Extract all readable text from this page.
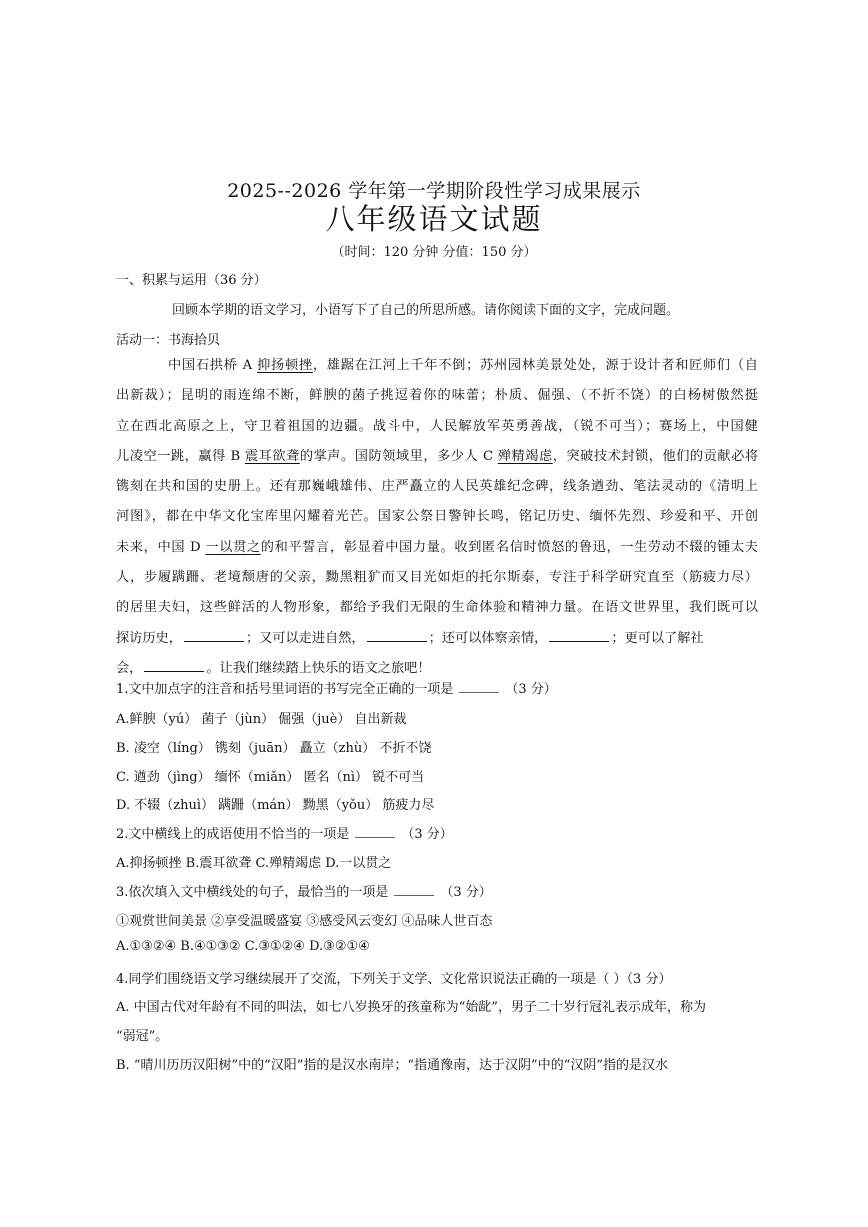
2025--2026 学年第一学期阶段性学习成果展示
八年级语文试题
（时间：120 分钟 分值：150 分）
一、积累与运用（36 分）
回顾本学期的语文学习，小语写下了自己的所思所感。请你阅读下面的文字，完成问题。
活动一：书海拾贝
中国石拱桥 A 抑扬顿挫，雄踞在江河上千年不倒；苏州园林美景处处，源于设计者和匠师们（自
出新裁）；昆明的雨连绵不断，鲜腴的菌子挑逗着你的味蕾；朴质、倔强、（不折不饶）的白杨树傲然挺
立在西北高原之上，守卫着祖国的边疆。战斗中，人民解放军英勇善战，（锐不可当）；赛场上，中国健
儿凌空一跳，赢得 B 震耳欲聋的掌声。国防领域里，多少人 C 殚精竭虑，突破技术封锁，他们的贡献必将
镌刻在共和国的史册上。还有那巍峨雄伟、庄严矗立的人民英雄纪念碑，线条遒劲、笔法灵动的《清明上
河图》，都在中华文化宝库里闪耀着光芒。国家公祭日警钟长鸣，铭记历史、缅怀先烈、珍爱和平、开创
未来，中国 D 一以贯之的和平誓言，彰显着中国力量。收到匿名信时愤怒的鲁迅，一生劳动不辍的锺太夫
人，步履蹒跚、老境颓唐的父亲，黝黑粗犷而又目光如炬的托尔斯泰，专注于科学研究直至（筋疲力尽）
的居里夫妇，这些鲜活的人物形象，都给予我们无限的生命体验和精神力量。在语文世界里，我们既可以
探访历史，	；又可以走进自然，	；还可以体察亲情，	；更可以了解社
会，	。让我们继续踏上快乐的语文之旅吧！
1.文中加点字的注音和括号里词语的书写完全正确的一项是	（3 分）
A.鲜腴（yú） 菌子（jùn） 倔强（juè） 自出新裁
B. 凌空（líng） 镌刻（juān） 矗立（zhù） 不折不饶
C. 遒劲（jìng） 缅怀（miǎn） 匿名（nì） 锐不可当
D. 不辍（zhuì） 蹒跚（mán） 黝黑（yǒu） 筋疲力尽
2.文中横线上的成语使用不恰当的一项是	（3 分）
A.抑扬顿挫 B.震耳欲聋 C.殚精竭虑 D.一以贯之
3.依次填入文中横线处的句子，最恰当的一项是	（3 分）
①观赏世间美景 ②享受温暖盛宴 ③感受风云变幻 ④品味人世百态
A.①③②④ B.④①③② C.③①②④ D.③②①④
4.同学们围绕语文学习继续展开了交流，下列关于文学、文化常识说法正确的一项是（ ）（3 分）
A. 中国古代对年龄有不同的叫法，如七八岁换牙的孩童称为“始龀”，男子二十岁行冠礼表示成年，称为
“弱冠”。
B. “晴川历历汉阳树”中的“汉阳”指的是汉水南岸；“指通豫南，达于汉阴”中的“汉阴”指的是汉水
